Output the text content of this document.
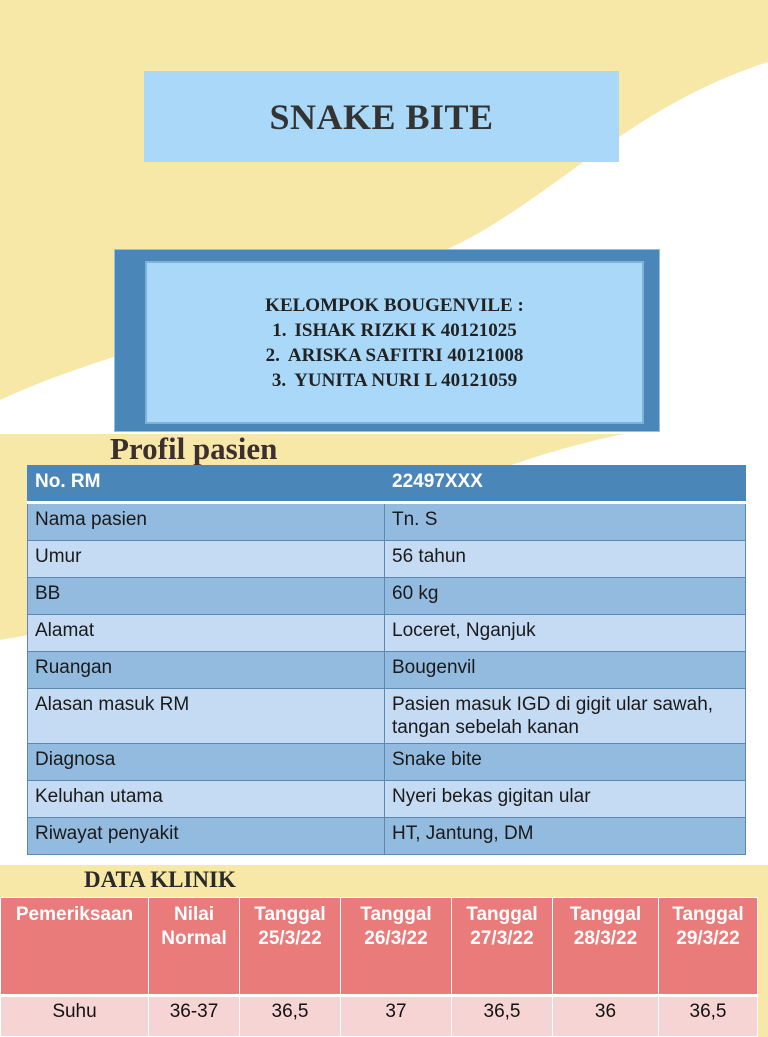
SNAKE BITE
KELOMPOK BOUGENVILE :
1. ISHAK RIZKI K 40121025
2. ARISKA SAFITRI 40121008
3. YUNITA NURI L 40121059
Profil pasien
No. RM	22497XXX
Nama pasien	Tn. S
Umur	56 tahun
BB	60 kg
Alamat	Loceret, Nganjuk
Ruangan	Bougenvil
Alasan masuk RM	Pasien masuk IGD di gigit ular sawah, tangan sebelah kanan
Diagnosa	Snake bite
Keluhan utama	Nyeri bekas gigitan ular
Riwayat penyakit	HT, Jantung, DM
DATA KLINIK
Pemeriksaan	Nilai Normal	Tanggal 25/3/22	Tanggal 26/3/22	Tanggal 27/3/22	Tanggal 28/3/22	Tanggal 29/3/22
Suhu	36-37	36,5	37	36,5	36	36,5
